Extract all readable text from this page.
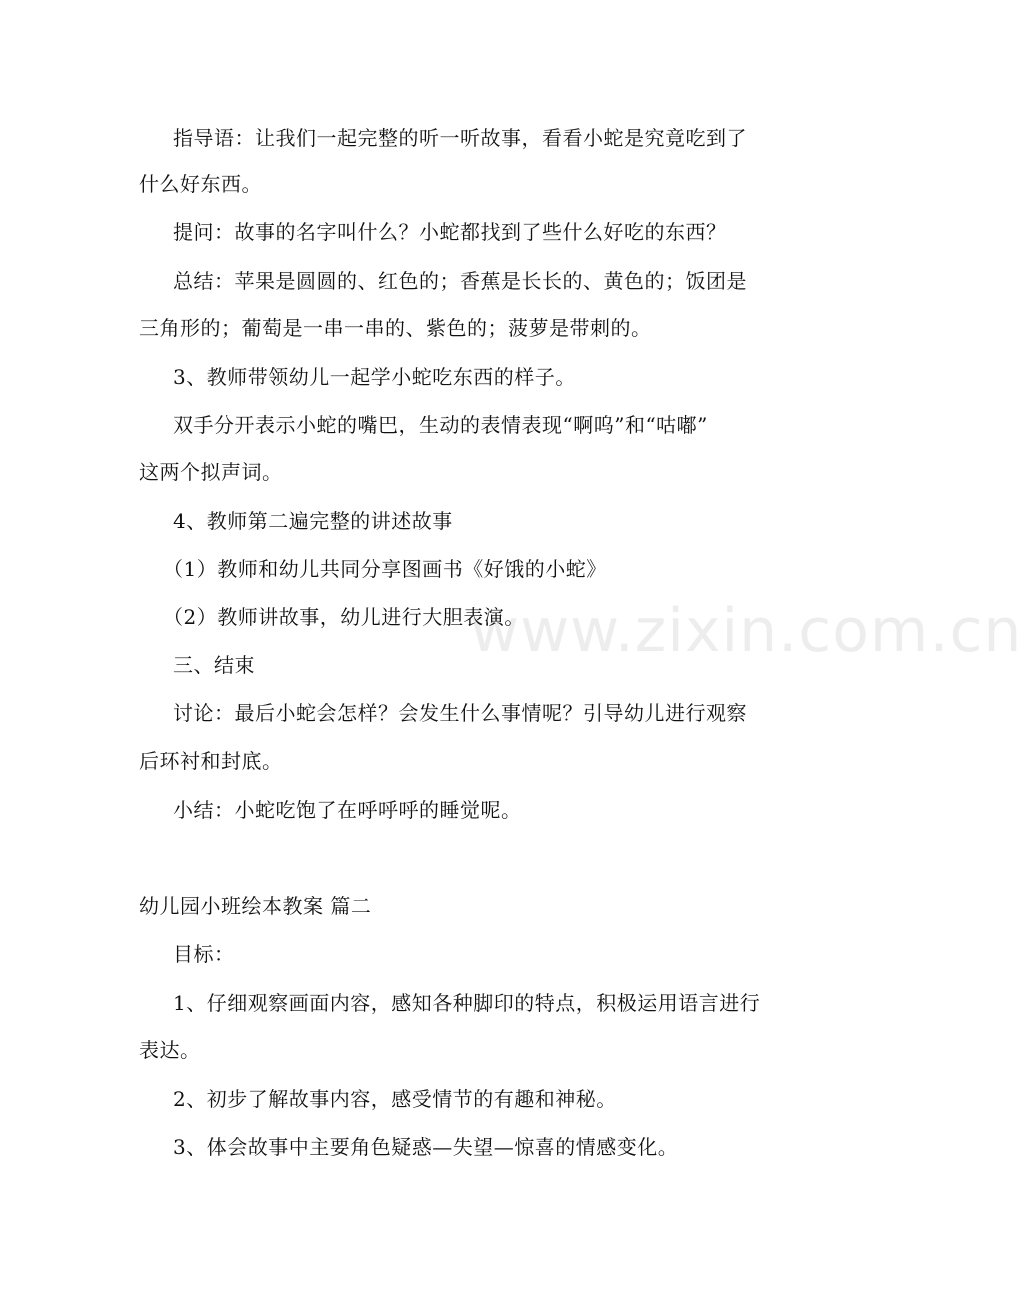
指导语：让我们一起完整的听一听故事，看看小蛇是究竟吃到了
什么好东西。
提问：故事的名字叫什么？小蛇都找到了些什么好吃的东西？
总结：苹果是圆圆的、红色的；香蕉是长长的、黄色的；饭团是
三角形的；葡萄是一串一串的、紫色的；菠萝是带刺的。
3、教师带领幼儿一起学小蛇吃东西的样子。
双手分开表示小蛇的嘴巴，生动的表情表现“啊呜”和“咕嘟”
这两个拟声词。
4、教师第二遍完整的讲述故事
（1）教师和幼儿共同分享图画书《好饿的小蛇》
（2）教师讲故事，幼儿进行大胆表演。
三、结束
讨论：最后小蛇会怎样？会发生什么事情呢？引导幼儿进行观察
后环衬和封底。
小结：小蛇吃饱了在呼呼呼的睡觉呢。
幼儿园小班绘本教案 篇二
目标：
1、仔细观察画面内容，感知各种脚印的特点，积极运用语言进行
表达。
2、初步了解故事内容，感受情节的有趣和神秘。
3、体会故事中主要角色疑惑—失望—惊喜的情感变化。
www.zixin.com.cn
